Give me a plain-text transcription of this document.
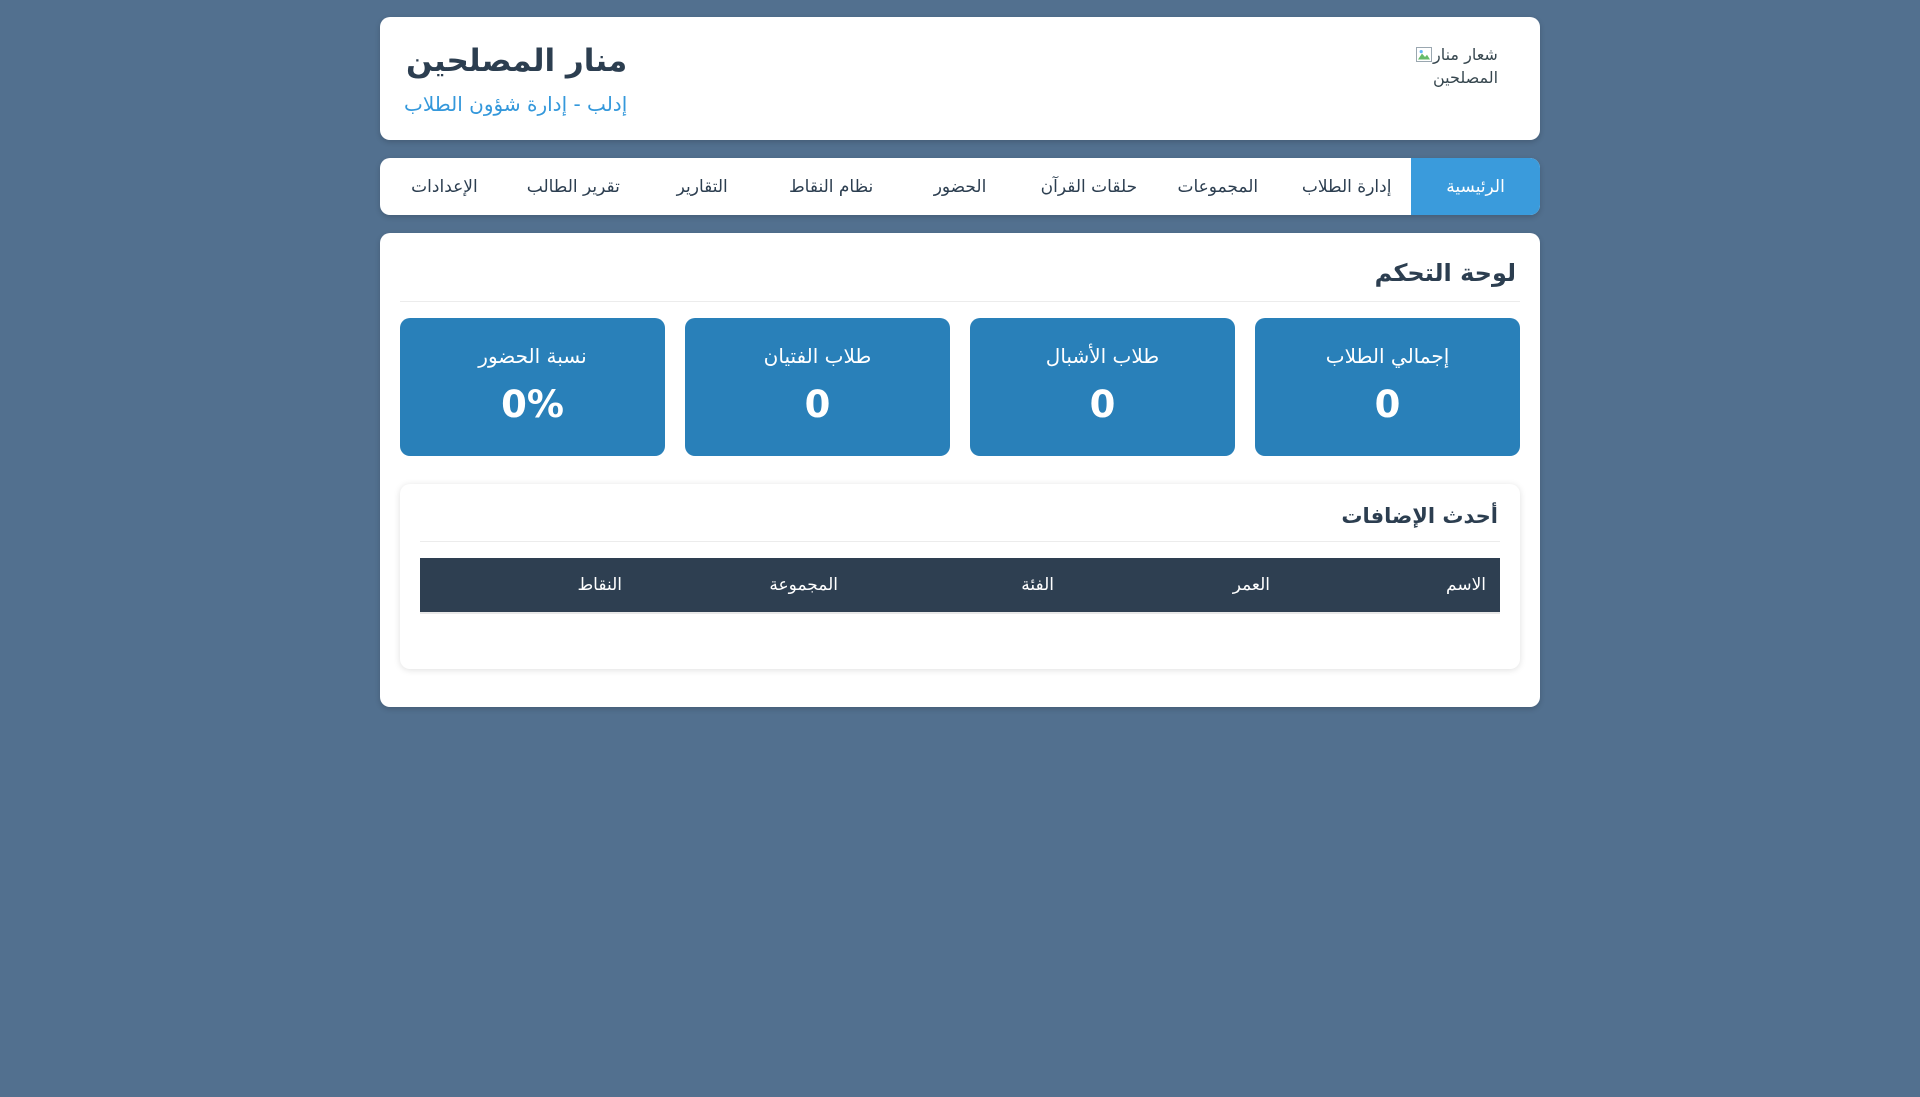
شعار منار المصلحين
منار المصلحين
إدلب - إدارة شؤون الطلاب
الرئيسية
إدارة الطلاب
المجموعات
حلقات القرآن
الحضور
نظام النقاط
التقارير
تقرير الطالب
الإعدادات
لوحة التحكم
إجمالي الطلاب
0
طلاب الأشبال
0
طلاب الفتيان
0
نسبة الحضور
0%
أحدث الإضافات
الاسم	العمر	الفئة	المجموعة	النقاط
